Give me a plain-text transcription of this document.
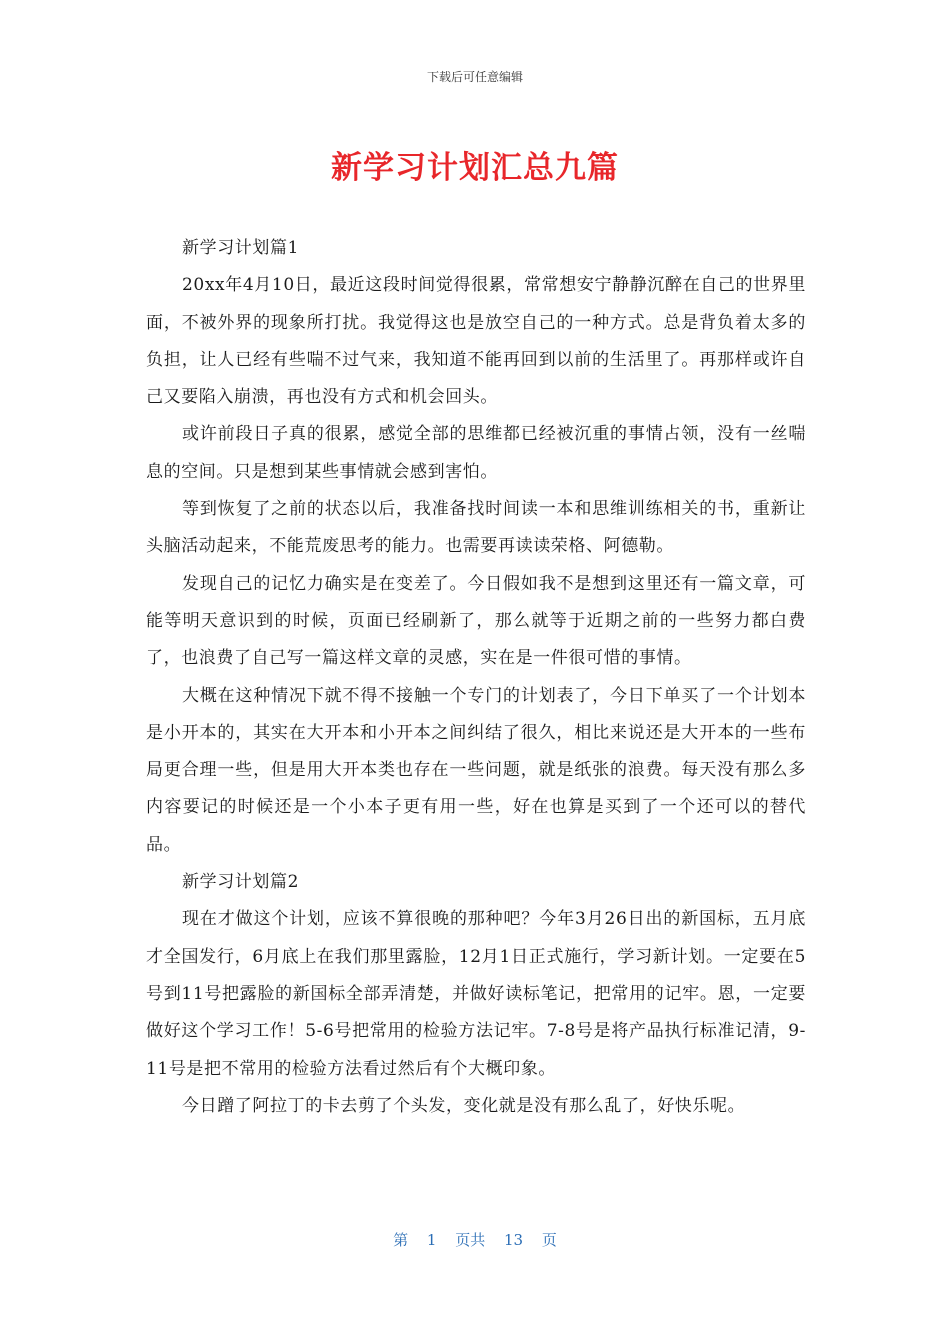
下载后可任意编辑
新学习计划汇总九篇

新学习计划篇1

20xx年4月10日，最近这段时间觉得很累，常常想安宁静静沉醉在自己的世界里面，不被外界的现象所打扰。我觉得这也是放空自己的一种方式。总是背负着太多的负担，让人已经有些喘不过气来，我知道不能再回到以前的生活里了。再那样或许自己又要陷入崩溃，再也没有方式和机会回头。

或许前段日子真的很累，感觉全部的思维都已经被沉重的事情占领，没有一丝喘息的空间。只是想到某些事情就会感到害怕。

等到恢复了之前的状态以后，我准备找时间读一本和思维训练相关的书，重新让头脑活动起来，不能荒废思考的能力。也需要再读读荣格、阿德勒。

发现自己的记忆力确实是在变差了。今日假如我不是想到这里还有一篇文章，可能等明天意识到的时候，页面已经刷新了，那么就等于近期之前的一些努力都白费了，也浪费了自己写一篇这样文章的灵感，实在是一件很可惜的事情。

大概在这种情况下就不得不接触一个专门的计划表了，今日下单买了一个计划本是小开本的，其实在大开本和小开本之间纠结了很久，相比来说还是大开本的一些布局更合理一些，但是用大开本类也存在一些问题，就是纸张的浪费。每天没有那么多内容要记的时候还是一个小本子更有用一些，好在也算是买到了一个还可以的替代品。

新学习计划篇2

现在才做这个计划，应该不算很晚的那种吧？今年3月26日出的新国标，五月底才全国发行，6月底上在我们那里露脸，12月1日正式施行，学习新计划。一定要在5号到11号把露脸的新国标全部弄清楚，并做好读标笔记，把常用的记牢。恩，一定要做好这个学习工作！5-6号把常用的检验方法记牢。7-8号是将产品执行标准记清，9-11号是把不常用的检验方法看过然后有个大概印象。

今日蹭了阿拉丁的卡去剪了个头发，变化就是没有那么乱了，好快乐呢。

第 1 页共 13 页
